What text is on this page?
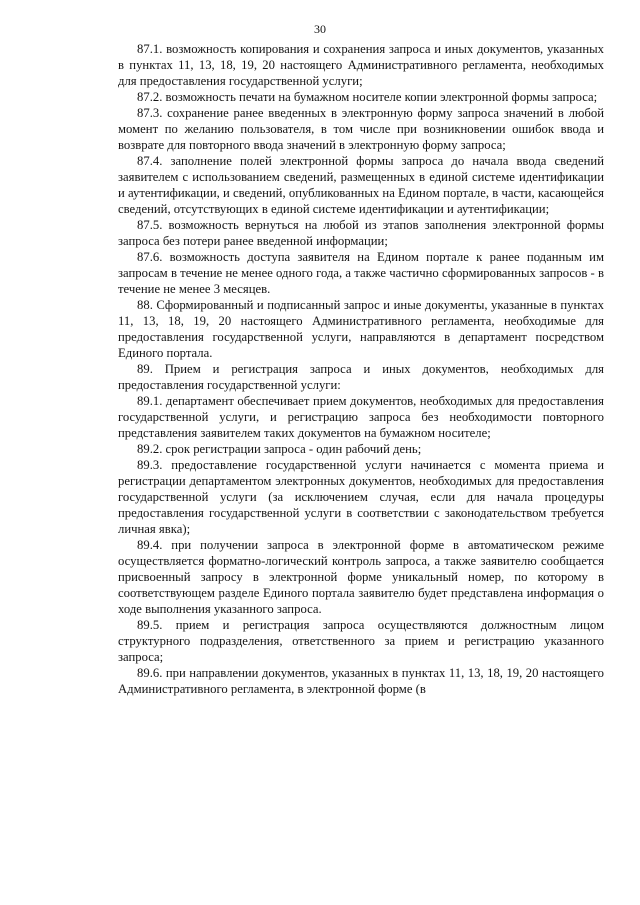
30

87.1. возможность копирования и сохранения запроса и иных документов, указанных в пунктах 11, 13, 18, 19, 20 настоящего Административного регламента, необходимых для предоставления государственной услуги;

87.2. возможность печати на бумажном носителе копии электронной формы запроса;

87.3. сохранение ранее введенных в электронную форму запроса значений в любой момент по желанию пользователя, в том числе при возникновении ошибок ввода и возврате для повторного ввода значений в электронную форму запроса;

87.4. заполнение полей электронной формы запроса до начала ввода сведений заявителем с использованием сведений, размещенных в единой системе идентификации и аутентификации, и сведений, опубликованных на Едином портале, в части, касающейся сведений, отсутствующих в единой системе идентификации и аутентификации;

87.5. возможность вернуться на любой из этапов заполнения электронной формы запроса без потери ранее введенной информации;

87.6. возможность доступа заявителя на Едином портале к ранее поданным им запросам в течение не менее одного года, а также частично сформированных запросов - в течение не менее 3 месяцев.

88. Сформированный и подписанный запрос и иные документы, указанные в пунктах 11, 13, 18, 19, 20 настоящего Административного регламента, необходимые для предоставления государственной услуги, направляются в департамент посредством Единого портала.

89. Прием и регистрация запроса и иных документов, необходимых для предоставления государственной услуги:

89.1. департамент обеспечивает прием документов, необходимых для предоставления государственной услуги, и регистрацию запроса без необходимости повторного представления заявителем таких документов на бумажном носителе;

89.2. срок регистрации запроса - один рабочий день;

89.3. предоставление государственной услуги начинается с момента приема и регистрации департаментом электронных документов, необходимых для предоставления государственной услуги (за исключением случая, если для начала процедуры предоставления государственной услуги в соответствии с законодательством требуется личная явка);

89.4. при получении запроса в электронной форме в автоматическом режиме осуществляется форматно-логический контроль запроса, а также заявителю сообщается присвоенный запросу в электронной форме уникальный номер, по которому в соответствующем разделе Единого портала заявителю будет представлена информация о ходе выполнения указанного запроса.

89.5. прием и регистрация запроса осуществляются должностным лицом структурного подразделения, ответственного за прием и регистрацию указанного запроса;

89.6. при направлении документов, указанных в пунктах 11, 13, 18, 19, 20 настоящего Административного регламента, в электронной форме (в
